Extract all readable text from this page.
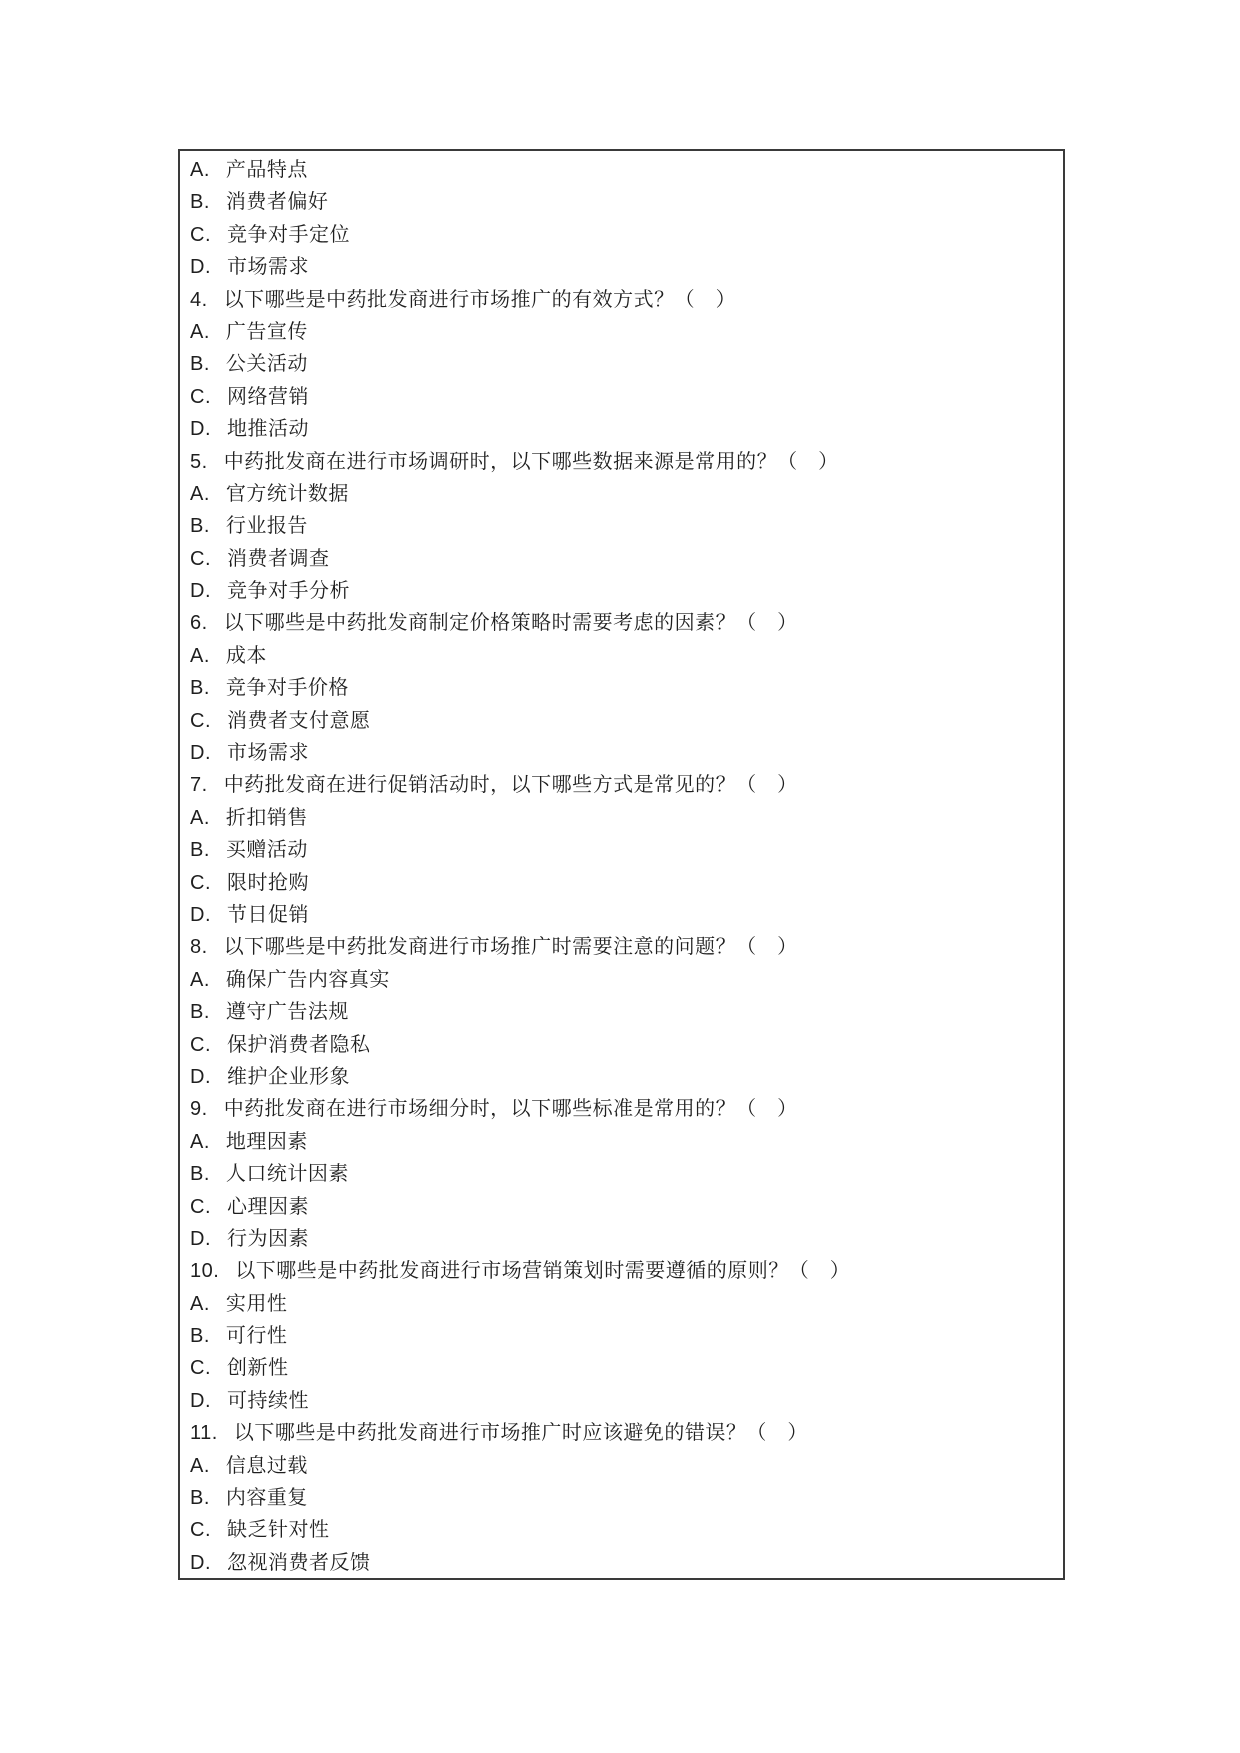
A. 产品特点
B. 消费者偏好
C. 竞争对手定位
D. 市场需求
4. 以下哪些是中药批发商进行市场推广的有效方式？（　）
A. 广告宣传
B. 公关活动
C. 网络营销
D. 地推活动
5. 中药批发商在进行市场调研时，以下哪些数据来源是常用的？（　）
A. 官方统计数据
B. 行业报告
C. 消费者调查
D. 竞争对手分析
6. 以下哪些是中药批发商制定价格策略时需要考虑的因素？（　）
A. 成本
B. 竞争对手价格
C. 消费者支付意愿
D. 市场需求
7. 中药批发商在进行促销活动时，以下哪些方式是常见的？（　）
A. 折扣销售
B. 买赠活动
C. 限时抢购
D. 节日促销
8. 以下哪些是中药批发商进行市场推广时需要注意的问题？（　）
A. 确保广告内容真实
B. 遵守广告法规
C. 保护消费者隐私
D. 维护企业形象
9. 中药批发商在进行市场细分时，以下哪些标准是常用的？（　）
A. 地理因素
B. 人口统计因素
C. 心理因素
D. 行为因素
10. 以下哪些是中药批发商进行市场营销策划时需要遵循的原则？（　）
A. 实用性
B. 可行性
C. 创新性
D. 可持续性
11. 以下哪些是中药批发商进行市场推广时应该避免的错误？（　）
A. 信息过载
B. 内容重复
C. 缺乏针对性
D. 忽视消费者反馈
